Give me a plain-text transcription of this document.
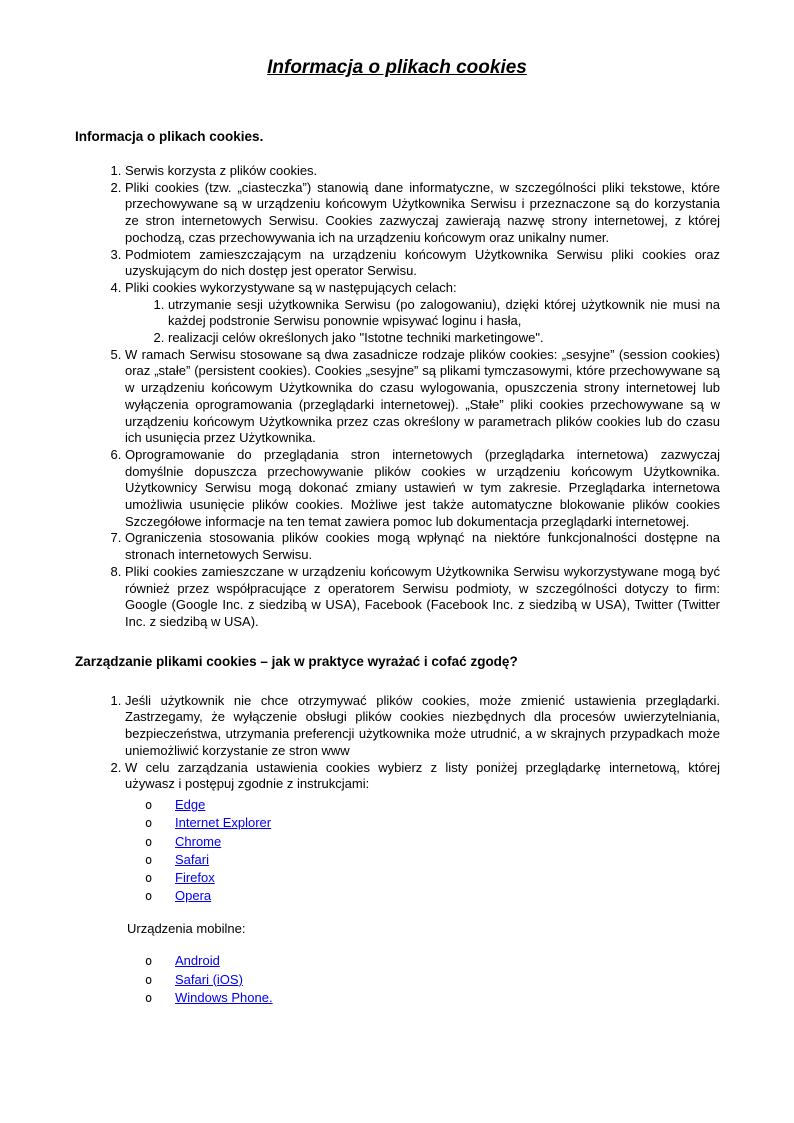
Informacja o plikach cookies
Informacja o plikach cookies.
1. Serwis korzysta z plików cookies.
2. Pliki cookies (tzw. „ciasteczka”) stanowią dane informatyczne, w szczególności pliki tekstowe, które przechowywane są w urządzeniu końcowym Użytkownika Serwisu i przeznaczone są do korzystania ze stron internetowych Serwisu. Cookies zazwyczaj zawierają nazwę strony internetowej, z której pochodzą, czas przechowywania ich na urządzeniu końcowym oraz unikalny numer.
3. Podmiotem zamieszczającym na urządzeniu końcowym Użytkownika Serwisu pliki cookies oraz uzyskującym do nich dostęp jest operator Serwisu.
4. Pliki cookies wykorzystywane są w następujących celach:
1. utrzymanie sesji użytkownika Serwisu (po zalogowaniu), dzięki której użytkownik nie musi na każdej podstronie Serwisu ponownie wpisywać loginu i hasła,
2. realizacji celów określonych jako "Istotne techniki marketingowe".
5. W ramach Serwisu stosowane są dwa zasadnicze rodzaje plików cookies: „sesyjne” (session cookies) oraz „stałe” (persistent cookies). Cookies „sesyjne” są plikami tymczasowymi, które przechowywane są w urządzeniu końcowym Użytkownika do czasu wylogowania, opuszczenia strony internetowej lub wyłączenia oprogramowania (przeglądarki internetowej). „Stałe” pliki cookies przechowywane są w urządzeniu końcowym Użytkownika przez czas określony w parametrach plików cookies lub do czasu ich usunięcia przez Użytkownika.
6. Oprogramowanie do przeglądania stron internetowych (przeglądarka internetowa) zazwyczaj domyślnie dopuszcza przechowywanie plików cookies w urządzeniu końcowym Użytkownika. Użytkownicy Serwisu mogą dokonać zmiany ustawień w tym zakresie. Przeglądarka internetowa umożliwia usunięcie plików cookies. Możliwe jest także automatyczne blokowanie plików cookies Szczegółowe informacje na ten temat zawiera pomoc lub dokumentacja przeglądarki internetowej.
7. Ograniczenia stosowania plików cookies mogą wpłynąć na niektóre funkcjonalności dostępne na stronach internetowych Serwisu.
8. Pliki cookies zamieszczane w urządzeniu końcowym Użytkownika Serwisu wykorzystywane mogą być również przez współpracujące z operatorem Serwisu podmioty, w szczególności dotyczy to firm: Google (Google Inc. z siedzibą w USA), Facebook (Facebook Inc. z siedzibą w USA), Twitter (Twitter Inc. z siedzibą w USA).
Zarządzanie plikami cookies – jak w praktyce wyrażać i cofać zgodę?
1. Jeśli użytkownik nie chce otrzymywać plików cookies, może zmienić ustawienia przeglądarki. Zastrzegamy, że wyłączenie obsługi plików cookies niezbędnych dla procesów uwierzytelniania, bezpieczeństwa, utrzymania preferencji użytkownika może utrudnić, a w skrajnych przypadkach może uniemożliwić korzystanie ze stron www
2. W celu zarządzania ustawienia cookies wybierz z listy poniżej przeglądarkę internetową, której używasz i postępuj zgodnie z instrukcjami:
o Edge
o Internet Explorer
o Chrome
o Safari
o Firefox
o Opera

Urządzenia mobilne:

o Android
o Safari (iOS)
o Windows Phone.
